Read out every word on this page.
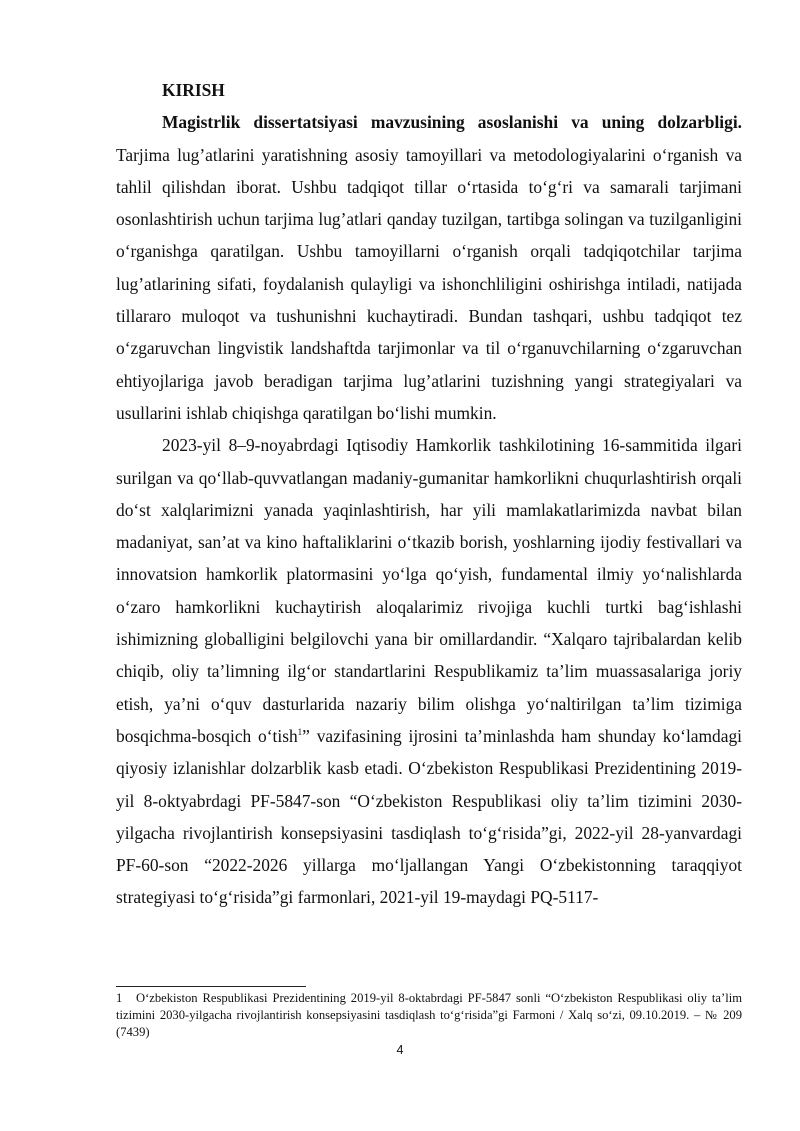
KIRISH

Magistrlik dissertatsiyasi mavzusining asoslanishi va uning dolzarbligi. Tarjima lug’atlarini yaratishning asosiy tamoyillari va metodologiyalarini o‘rganish va tahlil qilishdan iborat. Ushbu tadqiqot tillar o‘rtasida to‘g‘ri va samarali tarjimani osonlashtirish uchun tarjima lug’atlari qanday tuzilgan, tartibga solingan va tuzilganligini o‘rganishga qaratilgan. Ushbu tamoyillarni o‘rganish orqali tadqiqotchilar tarjima lug’atlarining sifati, foydalanish qulayligi va ishonchliligini oshirishga intiladi, natijada tillararo muloqot va tushunishni kuchaytiradi. Bundan tashqari, ushbu tadqiqot tez o‘zgaruvchan lingvistik landshaftda tarjimonlar va til o‘rganuvchilarning o‘zgaruvchan ehtiyojlariga javob beradigan tarjima lug’atlarini tuzishning yangi strategiyalari va usullarini ishlab chiqishga qaratilgan bo‘lishi mumkin.

2023-yil 8–9-noyabrdagi Iqtisodiy Hamkorlik tashkilotining 16-sammitida ilgari surilgan va qo‘llab-quvvatlangan madaniy-gumanitar hamkorlikni chuqurlashtirish orqali do‘st xalqlarimizni yanada yaqinlashtirish, har yili mamlakatlarimizda navbat bilan madaniyat, san’at va kino haftaliklarini o‘tkazib borish, yoshlarning ijodiy festivallari va innovatsion hamkorlik platormasini yo‘lga qo‘yish, fundamental ilmiy yo‘nalishlarda o‘zaro hamkorlikni kuchaytirish aloqalarimiz rivojiga kuchli turtki bag‘ishlashi ishimizning globalligini belgilovchi yana bir omillardandir. “Xalqaro tajribalardan kelib chiqib, oliy ta’limning ilg‘or standartlarini Respublikamiz ta’lim muassasalariga joriy etish, ya’ni o‘quv dasturlarida nazariy bilim olishga yo‘naltirilgan ta’lim tizimiga bosqichma-bosqich o‘tish$^1$” vazifasining ijrosini ta’minlashda ham shunday ko‘lamdagi qiyosiy izlanishlar dolzarblik kasb etadi. O‘zbekiston Respublikasi Prezidentining 2019-yil 8-oktyabrdagi PF-5847-son “O‘zbekiston Respublikasi oliy ta’lim tizimini 2030-yilgacha rivojlantirish konsepsiyasini tasdiqlash to‘g‘risida”gi, 2022-yil 28-yanvardagi PF-60-son “2022-2026 yillarga mo‘ljallangan Yangi O‘zbekistonning taraqqiyot strategiyasi to‘g‘risida”gi farmonlari, 2021-yil 19-maydagi PQ-5117-

1 O‘zbekiston Respublikasi Prezidentining 2019-yil 8-oktabrdagi PF-5847 sonli “O‘zbekiston Respublikasi oliy ta’lim tizimini 2030-yilgacha rivojlantirish konsepsiyasini tasdiqlash to‘g‘risida”gi Farmoni / Xalq so‘zi, 09.10.2019. – № 209 (7439)
4
